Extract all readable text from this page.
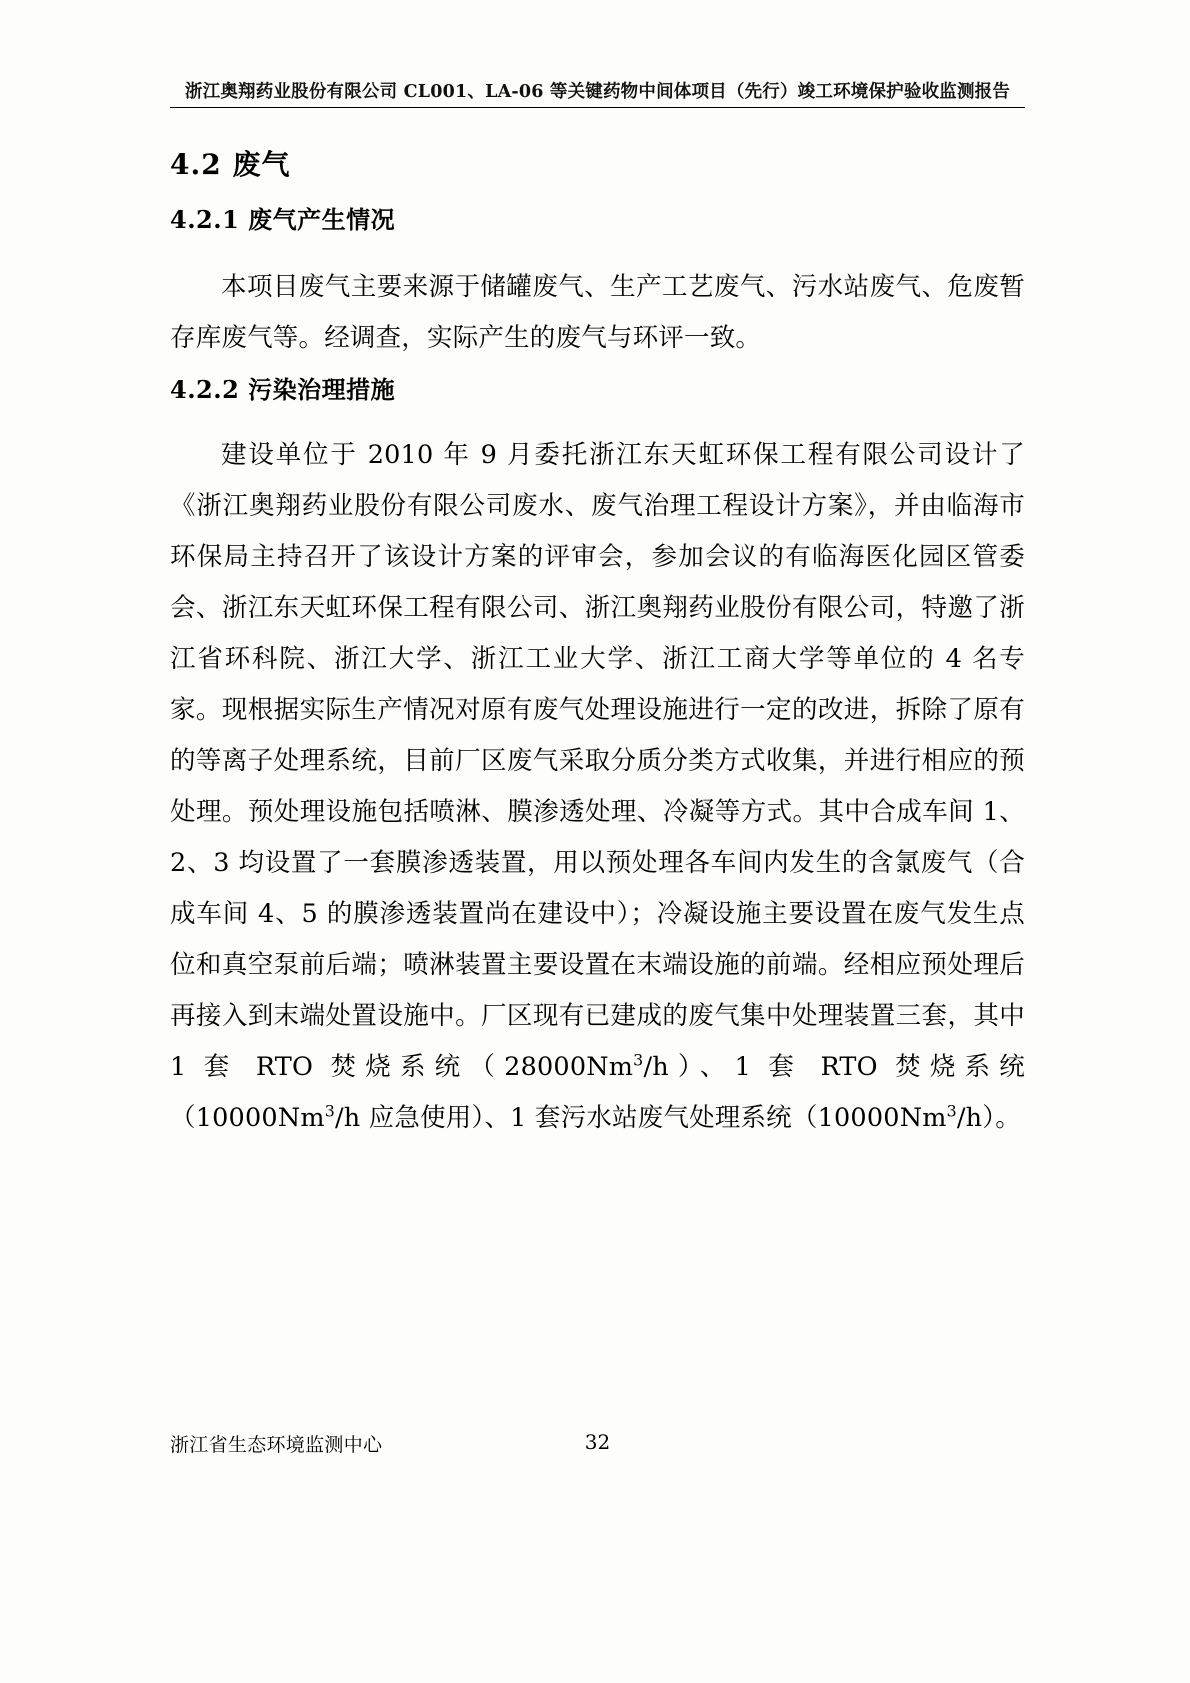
浙江奥翔药业股份有限公司 CL001、LA-06 等关键药物中间体项目（先行）竣工环境保护验收监测报告
4.2 废气
4.2.1 废气产生情况
本项目废气主要来源于储罐废气、生产工艺废气、污水站废气、危废暂存库废气等。经调查，实际产生的废气与环评一致。
4.2.2 污染治理措施
建设单位于 2010 年 9 月委托浙江东天虹环保工程有限公司设计了《浙江奥翔药业股份有限公司废水、废气治理工程设计方案》，并由临海市环保局主持召开了该设计方案的评审会，参加会议的有临海医化园区管委会、浙江东天虹环保工程有限公司、浙江奥翔药业股份有限公司，特邀了浙江省环科院、浙江大学、浙江工业大学、浙江工商大学等单位的 4 名专家。现根据实际生产情况对原有废气处理设施进行一定的改进，拆除了原有的等离子处理系统，目前厂区废气采取分质分类方式收集，并进行相应的预处理。预处理设施包括喷淋、膜渗透处理、冷凝等方式。其中合成车间 1、2、3 均设置了一套膜渗透装置，用以预处理各车间内发生的含氯废气（合成车间 4、5 的膜渗透装置尚在建设中）；冷凝设施主要设置在废气发生点位和真空泵前后端；喷淋装置主要设置在末端设施的前端。经相应预处理后再接入到末端处置设施中。厂区现有已建成的废气集中处理装置三套，其中 1 套 RTO 焚烧系统（28000Nm$^3$/h）、1 套 RTO 焚烧系统（10000Nm$^3$/h 应急使用）、1 套污水站废气处理系统（10000Nm$^3$/h）。
浙江省生态环境监测中心	32
